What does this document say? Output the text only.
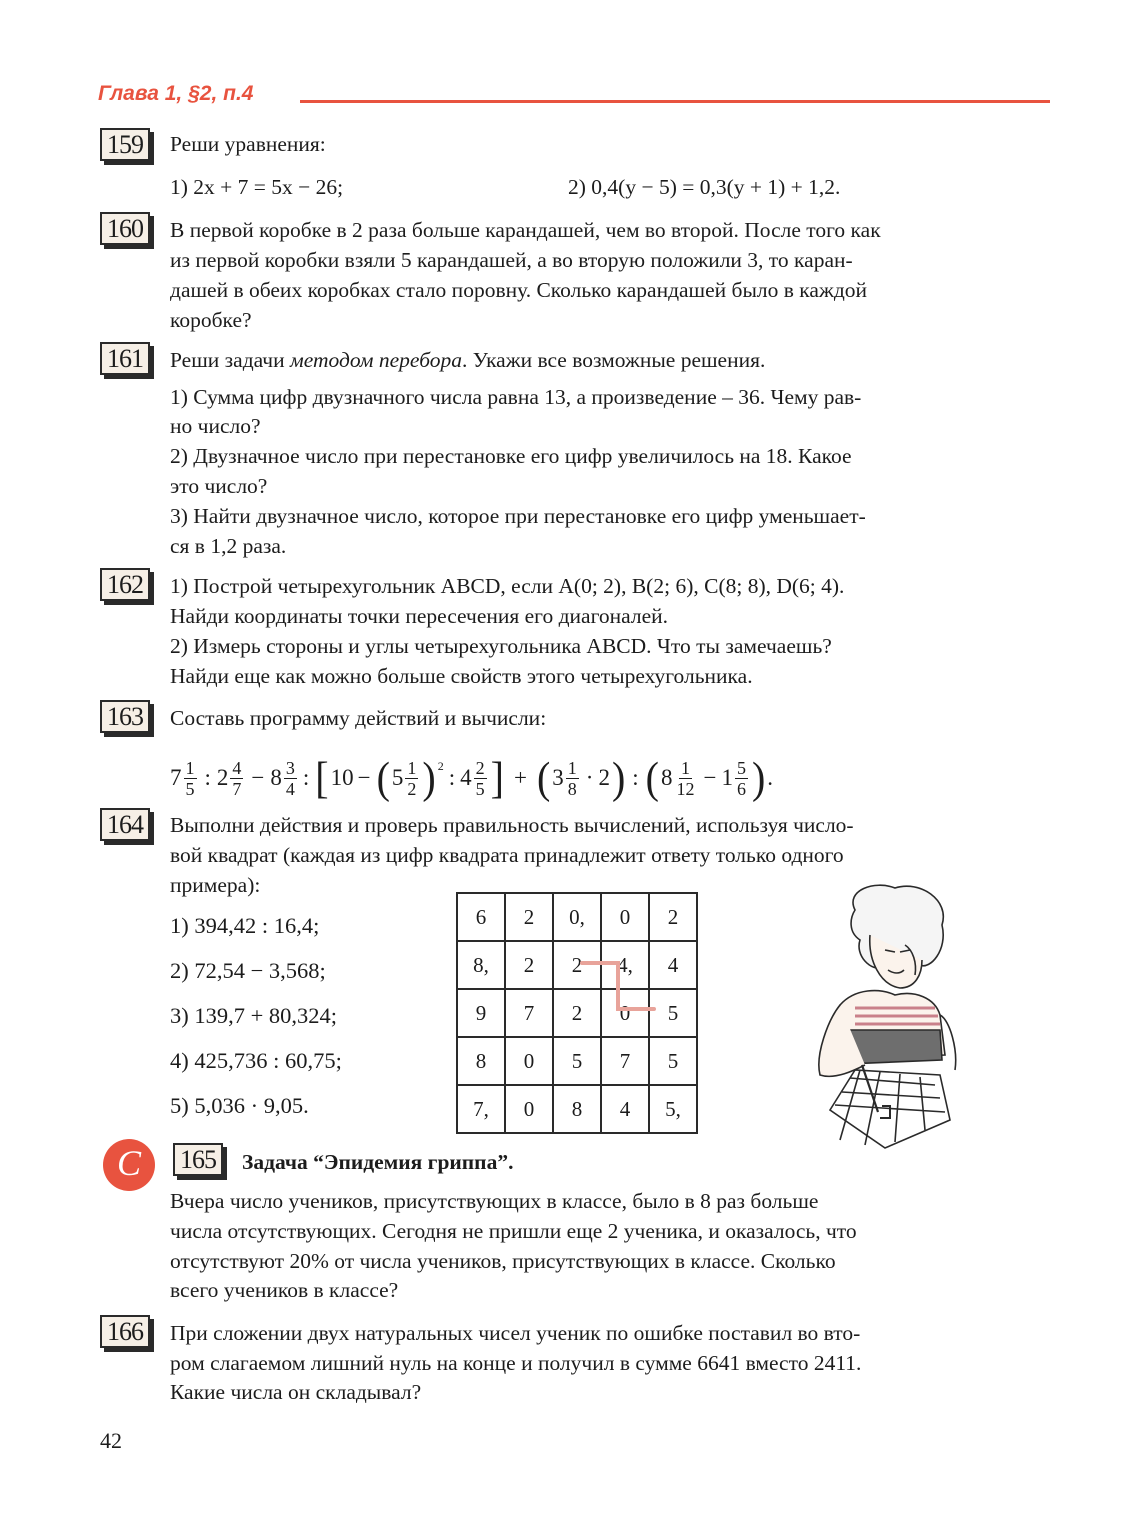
Глава 1, §2, п.4
159	Реши уравнения:
1) 2x + 7 = 5x − 26;	2) 0,4(y − 5) = 0,3(y + 1) + 1,2.
160	В первой коробке в 2 раза больше карандашей, чем во второй. После того как
из первой коробки взяли 5 карандашей, а во вторую положили 3, то каран-
дашей в обеих коробках стало поровну. Сколько карандашей было в каждой
коробке?
161	Реши задачи методом перебора. Укажи все возможные решения.
1) Сумма цифр двузначного числа равна 13, а произведение – 36. Чему рав-
но число?
2) Двузначное число при перестановке его цифр увеличилось на 18. Какое
это число?
3) Найти двузначное число, которое при перестановке его цифр уменьшает-
ся в 1,2 раза.
162	1) Построй четырехугольник ABCD, если A(0; 2), B(2; 6), C(8; 8), D(6; 4).
Найди координаты точки пересечения его диагоналей.
2) Измерь стороны и углы четырехугольника ABCD. Что ты замечаешь?
Найди еще как можно больше свойств этого четырехугольника.
163	Составь программу действий и вычисли:
$7 \frac{1}{5}$ : $2 \frac{4}{7} - 8 \frac{3}{4}$ : [ 10 − ( $5 \frac{1}{2}$ ) 2 : $4 \frac{2}{5}$ ] + ( $3 \frac{1}{8} \cdot 2$ ) : ( $8 \frac{1}{12} - 1 \frac{5}{6}$ ) .
164	Выполни действия и проверь правильность вычислений, используя число-
вой квадрат (каждая из цифр квадрата принадлежит ответу только одного
примера):
1) 394,42 : 16,4;
2) 72,54 − 3,568;
3) 139,7 + 80,324;
4) 425,736 : 60,75;
5) 5,036 · 9,05.
6	2	0,	0	2
8,	2	2	4,	4
9	7	2	0	5
8	0	5	7	5
7,	0	8	4	5,
C	165	Задача “Эпидемия гриппа”.
Вчера число учеников, присутствующих в классе, было в 8 раз больше
числа отсутствующих. Сегодня не пришли еще 2 ученика, и оказалось, что
отсутствуют 20% от числа учеников, присутствующих в классе. Сколько
всего учеников в классе?
166	При сложении двух натуральных чисел ученик по ошибке поставил во вто-
ром слагаемом лишний нуль на конце и получил в сумме 6641 вместо 2411.
Какие числа он складывал?
42
